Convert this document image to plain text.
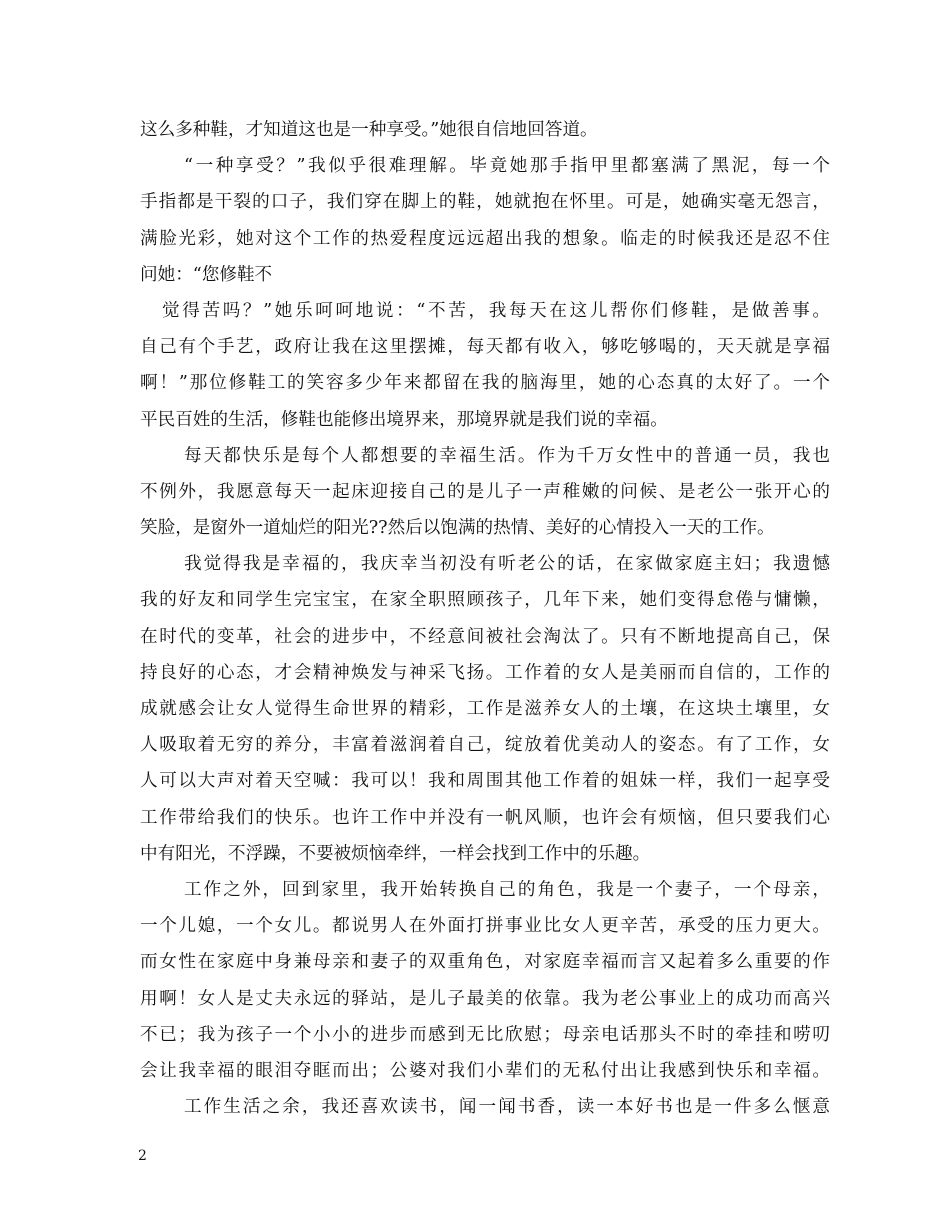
这么多种鞋，才知道这也是一种享受。”她很自信地回答道。
“一种享受？”我似乎很难理解。毕竟她那手指甲里都塞满了黑泥，每一个
手指都是干裂的口子，我们穿在脚上的鞋，她就抱在怀里。可是，她确实毫无怨言，
满脸光彩，她对这个工作的热爱程度远远超出我的想象。临走的时候我还是忍不住
问她：“您修鞋不
觉得苦吗？”她乐呵呵地说：“不苦，我每天在这儿帮你们修鞋，是做善事。
自己有个手艺，政府让我在这里摆摊，每天都有收入，够吃够喝的，天天就是享福
啊！”那位修鞋工的笑容多少年来都留在我的脑海里，她的心态真的太好了。一个
平民百姓的生活，修鞋也能修出境界来，那境界就是我们说的幸福。
每天都快乐是每个人都想要的幸福生活。作为千万女性中的普通一员，我也
不例外，我愿意每天一起床迎接自己的是儿子一声稚嫩的问候、是老公一张开心的
笑脸，是窗外一道灿烂的阳光??然后以饱满的热情、美好的心情投入一天的工作。
我觉得我是幸福的，我庆幸当初没有听老公的话，在家做家庭主妇；我遗憾
我的好友和同学生完宝宝，在家全职照顾孩子，几年下来，她们变得怠倦与慵懒，
在时代的变革，社会的进步中，不经意间被社会淘汰了。只有不断地提高自己，保
持良好的心态，才会精神焕发与神采飞扬。工作着的女人是美丽而自信的，工作的
成就感会让女人觉得生命世界的精彩，工作是滋养女人的土壤，在这块土壤里，女
人吸取着无穷的养分，丰富着滋润着自己，绽放着优美动人的姿态。有了工作，女
人可以大声对着天空喊：我可以！我和周围其他工作着的姐妹一样，我们一起享受
工作带给我们的快乐。也许工作中并没有一帆风顺，也许会有烦恼，但只要我们心
中有阳光，不浮躁，不要被烦恼牵绊，一样会找到工作中的乐趣。
工作之外，回到家里，我开始转换自己的角色，我是一个妻子，一个母亲，
一个儿媳，一个女儿。都说男人在外面打拼事业比女人更辛苦，承受的压力更大。
而女性在家庭中身兼母亲和妻子的双重角色，对家庭幸福而言又起着多么重要的作
用啊！女人是丈夫永远的驿站，是儿子最美的依靠。我为老公事业上的成功而高兴
不已；我为孩子一个小小的进步而感到无比欣慰；母亲电话那头不时的牵挂和唠叨
会让我幸福的眼泪夺眶而出；公婆对我们小辈们的无私付出让我感到快乐和幸福。
工作生活之余，我还喜欢读书，闻一闻书香，读一本好书也是一件多么惬意
2
